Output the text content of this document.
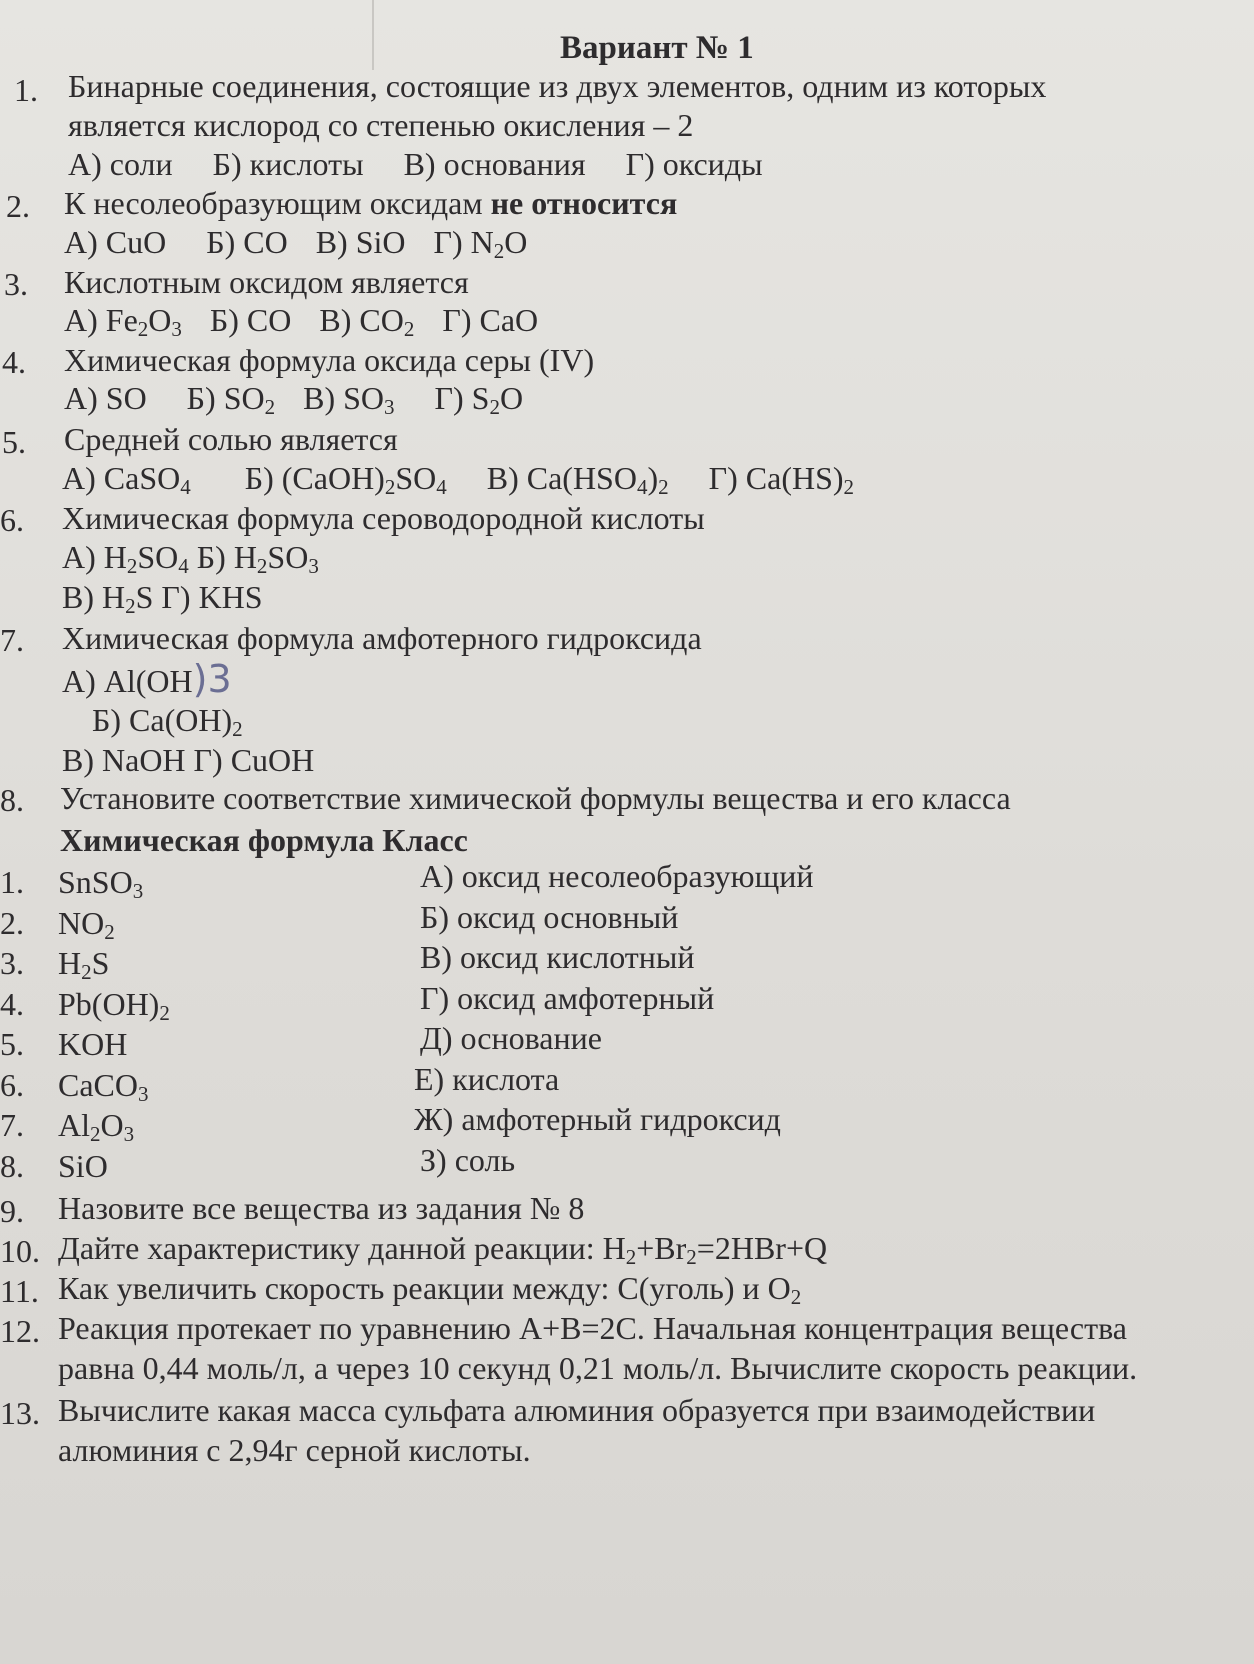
Вариант № 1
1. Бинарные соединения, состоящие из двух элементов, одним из которых
является кислород со степенью окисления – 2
А) соли Б) кислоты В) основания Г) оксиды
2. К несолеобразующим оксидам не относится
А) CuO Б) CO В) SiO Г) $N_2O$
3. Кислотным оксидом является
А) $Fe_2O_3$ Б) CO В) $CO_2$ Г) CaO
4. Химическая формула оксида серы (IV)
А) SO Б) $SO_2$ В) $SO_3$ Г) $S_2O$
5. Средней солью является
А) CaSO$_4$ Б) $(CaOH)_2SO_4$ В) $Ca(HSO_4)_2$ Г) $Ca(HS)_2$
6. Химическая формула сероводородной кислоты
А) $H_2SO_4$ Б) $H_2SO_3$
В) $H_2S$ Г) KHS
7. Химическая формула амфотерного гидроксида
А) Al(OH)3
Б) $Ca(OH)_2$
В) NaOH Г) CuOH
8. Установите соответствие химической формулы вещества и его класса
Химическая формула Класс
1. SnSO$_3$	А) оксид несолеобразующий
2. $NO_2$	Б) оксид основный
3. $H_2S$	В) оксид кислотный
4. $Pb(OH)_2$	Г) оксид амфотерный
5. KOH	Д) основание
6. CaCO$_3$	Е) кислота
7. $Al_2O_3$	Ж) амфотерный гидроксид
8. SiO	З) соль
9. Назовите все вещества из задания № 8
10. Дайте характеристику данной реакции: $H_2+Br_2=2HBr+Q$
11. Как увеличить скорость реакции между: С(уголь) и $O_2$
12. Реакция протекает по уравнению А+В=2С. Начальная концентрация вещества
равна 0,44 моль/л, а через 10 секунд 0,21 моль/л. Вычислите скорость реакции.
13. Вычислите какая масса сульфата алюминия образуется при взаимодействии
алюминия с 2,94г серной кислоты.
